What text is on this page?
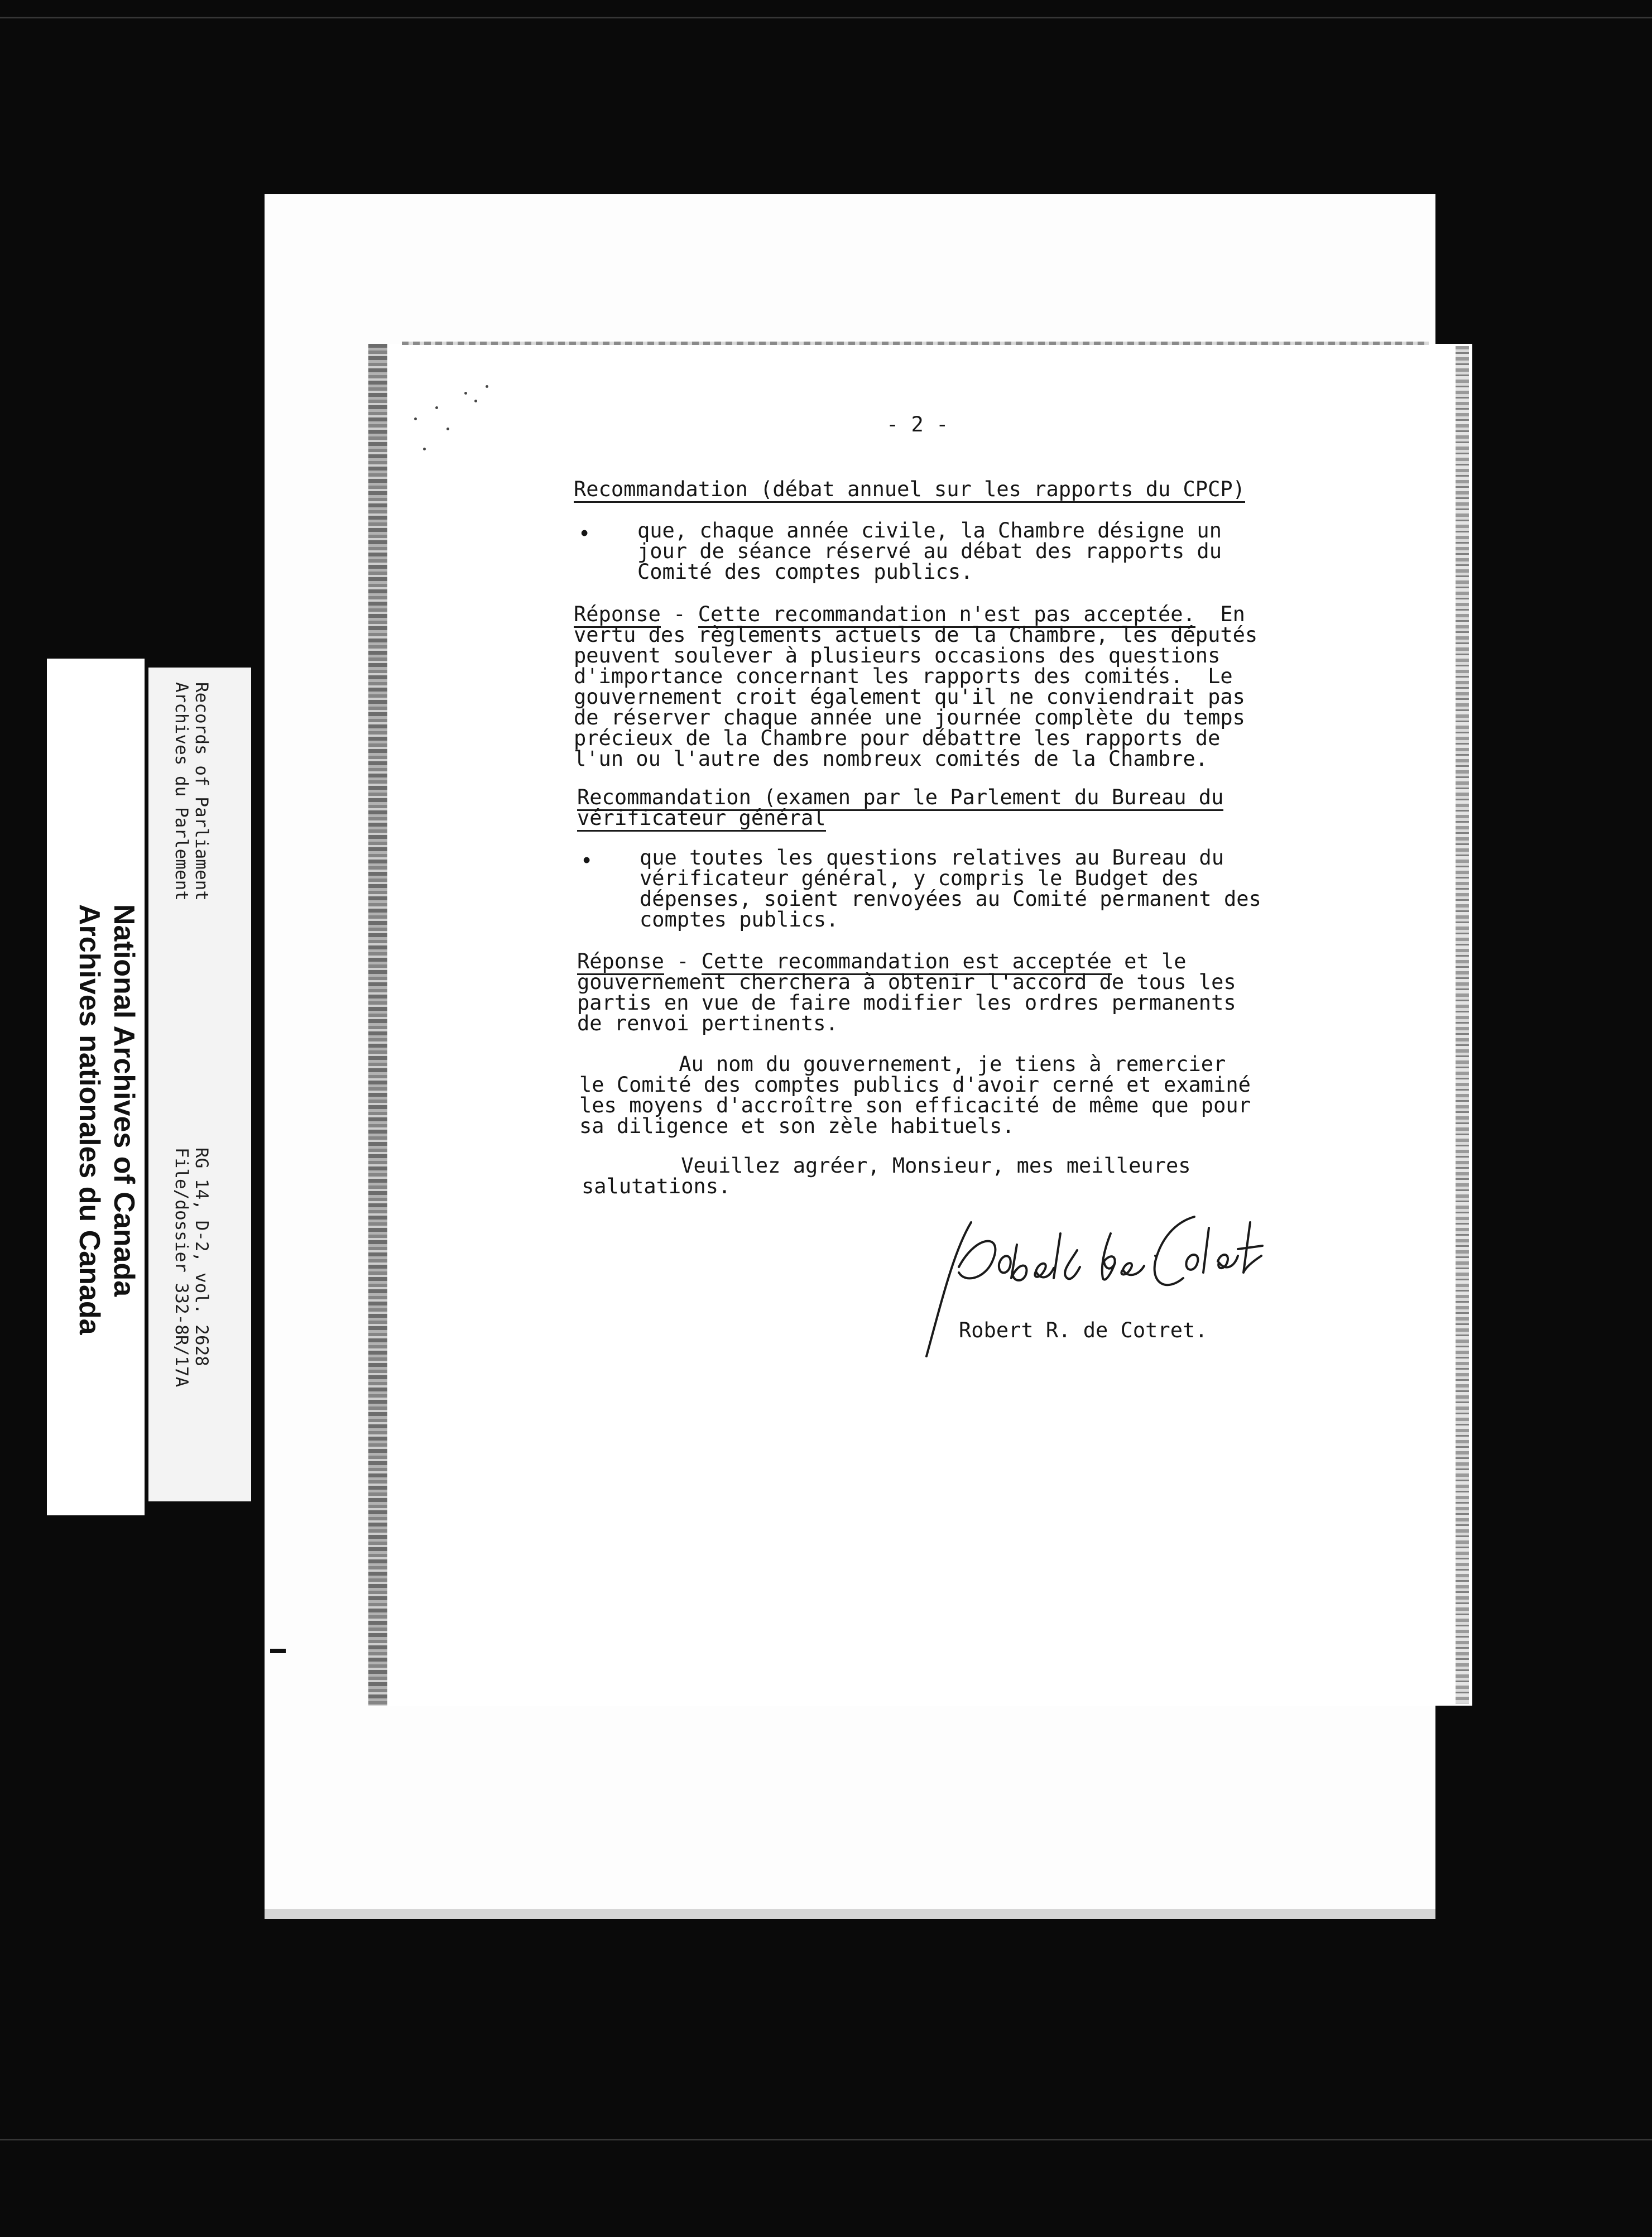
- 2 -
Recommandation (débat annuel sur les rapports du CPCP)
• que, chaque année civile, la Chambre désigne un
jour de séance réservé au débat des rapports du
Comité des comptes publics.
Réponse - Cette recommandation n'est pas acceptée.  En
vertu des règlements actuels de la Chambre, les députés
peuvent soulever à plusieurs occasions des questions
d'importance concernant les rapports des comités.  Le
gouvernement croit également qu'il ne conviendrait pas
de réserver chaque année une journée complète du temps
précieux de la Chambre pour débattre les rapports de
l'un ou l'autre des nombreux comités de la Chambre.
Recommandation (examen par le Parlement du Bureau du
vérificateur général
• que toutes les questions relatives au Bureau du
vérificateur général, y compris le Budget des
dépenses, soient renvoyées au Comité permanent des
comptes publics.
Réponse - Cette recommandation est acceptée et le
gouvernement cherchera à obtenir l'accord de tous les
partis en vue de faire modifier les ordres permanents
de renvoi pertinents.
Au nom du gouvernement, je tiens à remercier
le Comité des comptes publics d'avoir cerné et examiné
les moyens d'accroître son efficacité de même que pour
sa diligence et son zèle habituels.
Veuillez agréer, Monsieur, mes meilleures
salutations.
Robert R. de Cotret.
National Archives of Canada
Archives nationales du Canada
Records of Parliament
Archives du Parlement
RG 14, D-2, vol. 2628
File/dossier 332-8R/17A
